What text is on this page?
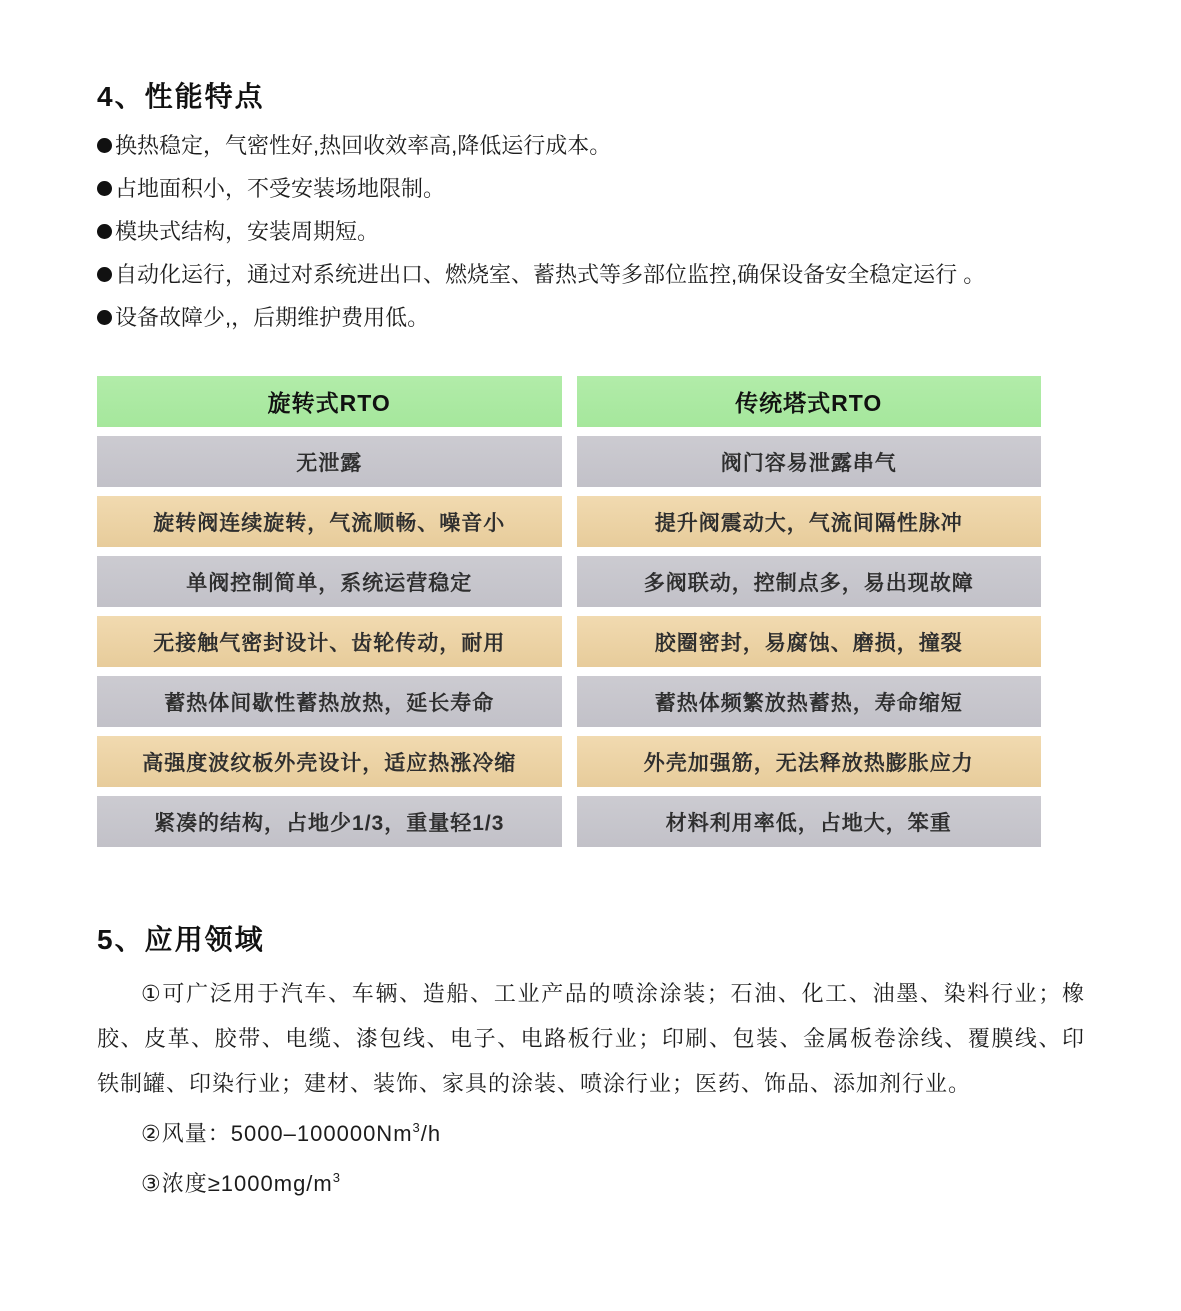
4、性能特点
换热稳定，气密性好,热回收效率高,降低运行成本。
占地面积小，不受安装场地限制。
模块式结构，安装周期短。
自动化运行，通过对系统进出口、燃烧室、蓄热式等多部位监控,确保设备安全稳定运行 。
设备故障少,，后期维护费用低。
旋转式RTO	传统塔式RTO
无泄露	阀门容易泄露串气
旋转阀连续旋转，气流顺畅、噪音小	提升阀震动大，气流间隔性脉冲
单阀控制简单，系统运营稳定	多阀联动，控制点多，易出现故障
无接触气密封设计、齿轮传动，耐用	胶圈密封，易腐蚀、磨损，撞裂
蓄热体间歇性蓄热放热，延长寿命	蓄热体频繁放热蓄热，寿命缩短
高强度波纹板外壳设计，适应热涨冷缩	外壳加强筋，无法释放热膨胀应力
紧凑的结构，占地少1/3，重量轻1/3	材料利用率低，占地大，笨重
5、应用领域

①可广泛用于汽车、车辆、造船、工业产品的喷涂涂装；石油、化工、油墨、染料行业；橡胶、皮革、胶带、电缆、漆包线、电子、电路板行业；印刷、包装、金属板卷涂线、覆膜线、印铁制罐、印染行业；建材、装饰、家具的涂装、喷涂行业；医药、饰品、添加剂行业。

②风量：5000–100000Nm$^3$/h

③浓度$\ge 1000mg/m^3$
